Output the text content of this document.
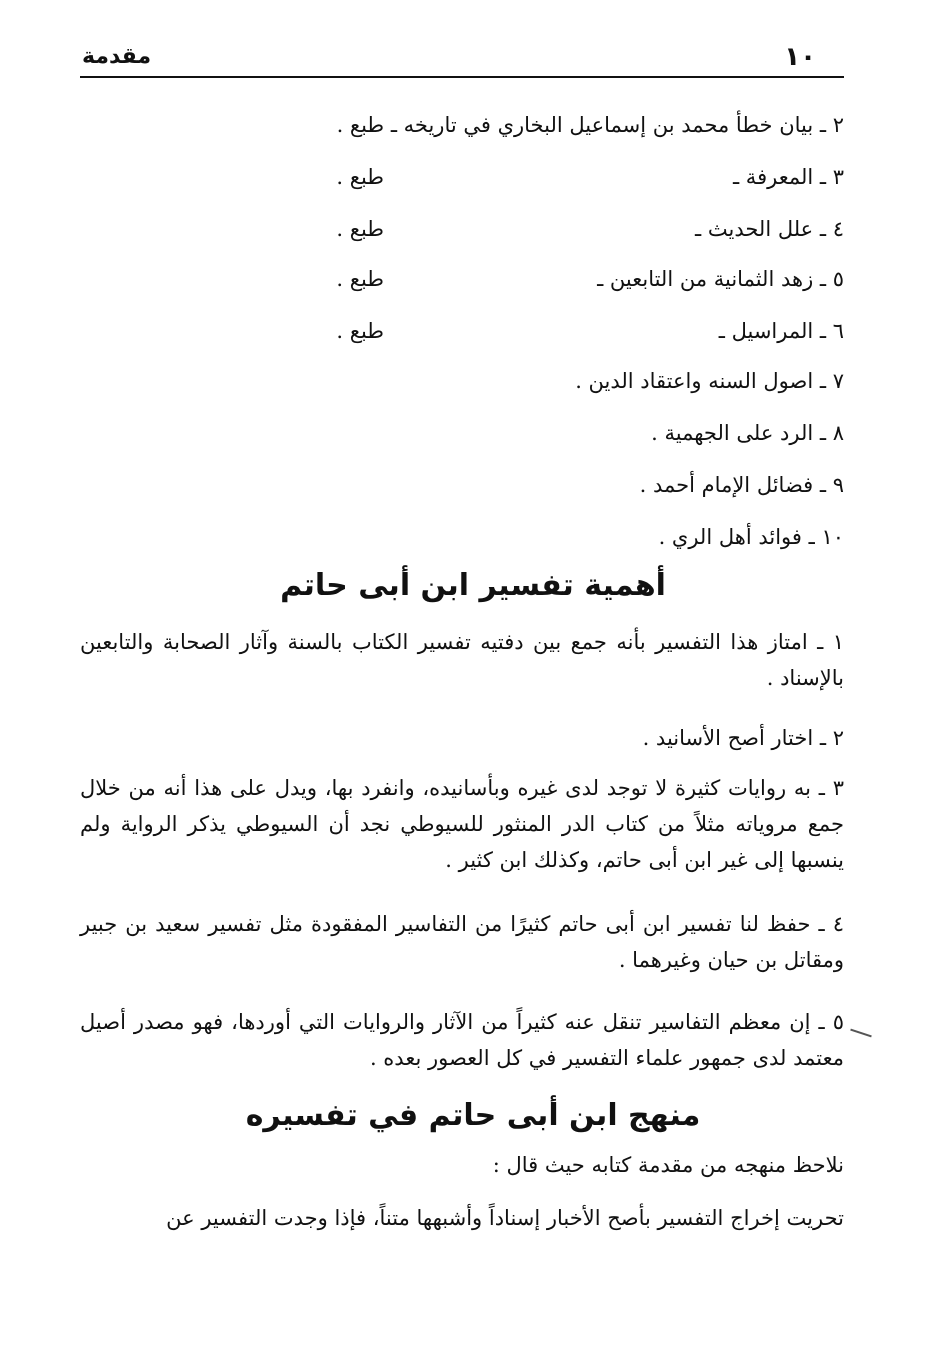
١٠
مقدمة
٢ ـ بيان خطأ محمد بن إسماعيل البخاري في تاريخه ـ طبع .
٣ ـ المعرفة ـ
طبع .
٤ ـ علل الحديث ـ
طبع .
٥ ـ زهد الثمانية من التابعين ـ
طبع .
٦ ـ المراسيل ـ
طبع .
٧ ـ اصول السنه واعتقاد الدين .
٨ ـ الرد على الجهمية .
٩ ـ فضائل الإمام أحمد .
١٠ ـ فوائد أهل الري .
أهمية تفسير ابن أبى حاتم
١ ـ امتاز هذا التفسير بأنه جمع بين دفتيه تفسير الكتاب بالسنة وآثار الصحابة والتابعين بالإسناد .
٢ ـ اختار أصح الأسانيد .
٣ ـ به روايات كثيرة لا توجد لدى غيره وبأسانيده، وانفرد بها، ويدل على هذا أنه من خلال جمع مروياته مثلاً من كتاب الدر المنثور للسيوطي نجد أن السيوطي يذكر الرواية ولم ينسبها إلى غير ابن أبى حاتم، وكذلك ابن كثير .
٤ ـ حفظ لنا تفسير ابن أبى حاتم كثيرًا من التفاسير المفقودة مثل تفسير سعيد بن جبير ومقاتل بن حيان وغيرهما .
٥ ـ إن معظم التفاسير تنقل عنه كثيراً من الآثار والروايات التي أوردها، فهو مصدر أصيل معتمد لدى جمهور علماء التفسير في كل العصور بعده .
منهج ابن أبى حاتم في تفسيره
نلاحظ منهجه من مقدمة كتابه حيث قال :
تحريت إخراج التفسير بأصح الأخبار إسناداً وأشبهها متناً، فإذا وجدت التفسير عن
